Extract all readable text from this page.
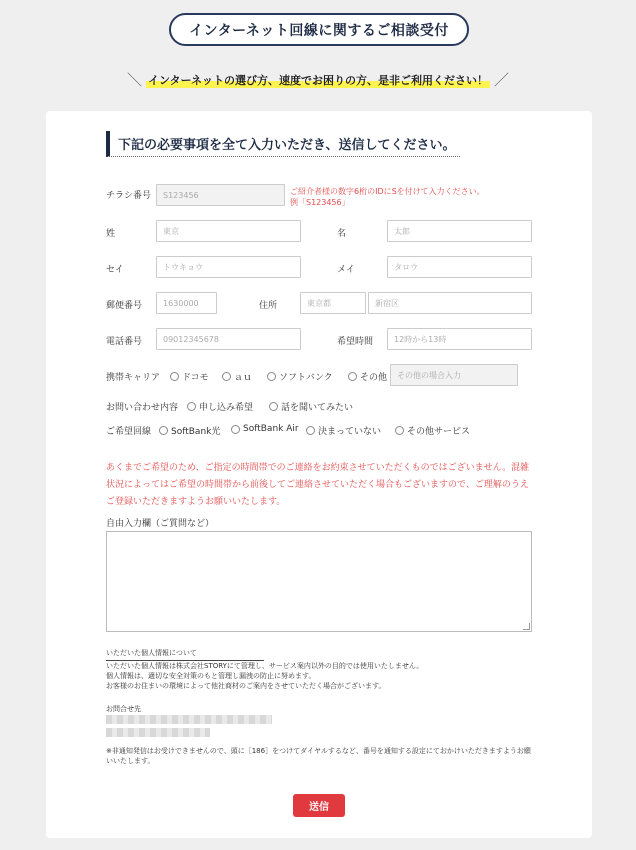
インターネット回線に関するご相談受付
＼ インターネットの選び方、速度でお困りの方、是非ご利用ください！ ／
下記の必要事項を全て入力いただき、送信してください。
チラシ番号	S123456	ご紹介者様の数字6桁のIDにSを付けて入力ください。
例「S123456」
姓	東京	名	太郎
セイ	トウキョウ	メイ	タロウ
郵便番号	1630000	住所	東京都	新宿区
電話番号	09012345678	希望時間	12時から13時
携帯キャリア ドコモ	ａｕ	ソフトバンク	その他	その他の場合入力
お問い合わせ内容 申し込み希望	話を聞いてみたい
ご希望回線 SoftBank光	SoftBank Air 決まっていない	その他サービス
あくまでご希望のため、ご指定の時間帯でのご連絡をお約束させていただくものではございません。混雑状況によってはご希望の時間帯から前後してご連絡させていただく場合もございますので、ご理解のうえご登録いただきますようお願いいたします。
自由入力欄（ご質問など）
いただいた個人情報について
いただいた個人情報は株式会社STORYにて管理し、サービス案内以外の目的では使用いたしません。
個人情報は、適切な安全対策のもと管理し漏洩の防止に努めます。
お客様のお住まいの環境によって他社商材のご案内をさせていただく場合がございます。
お問合せ先
※非通知発信はお受けできませんので、頭に［186］をつけてダイヤルするなど、番号を通知する設定にておかけいただきますようお願いいたします。
送信
